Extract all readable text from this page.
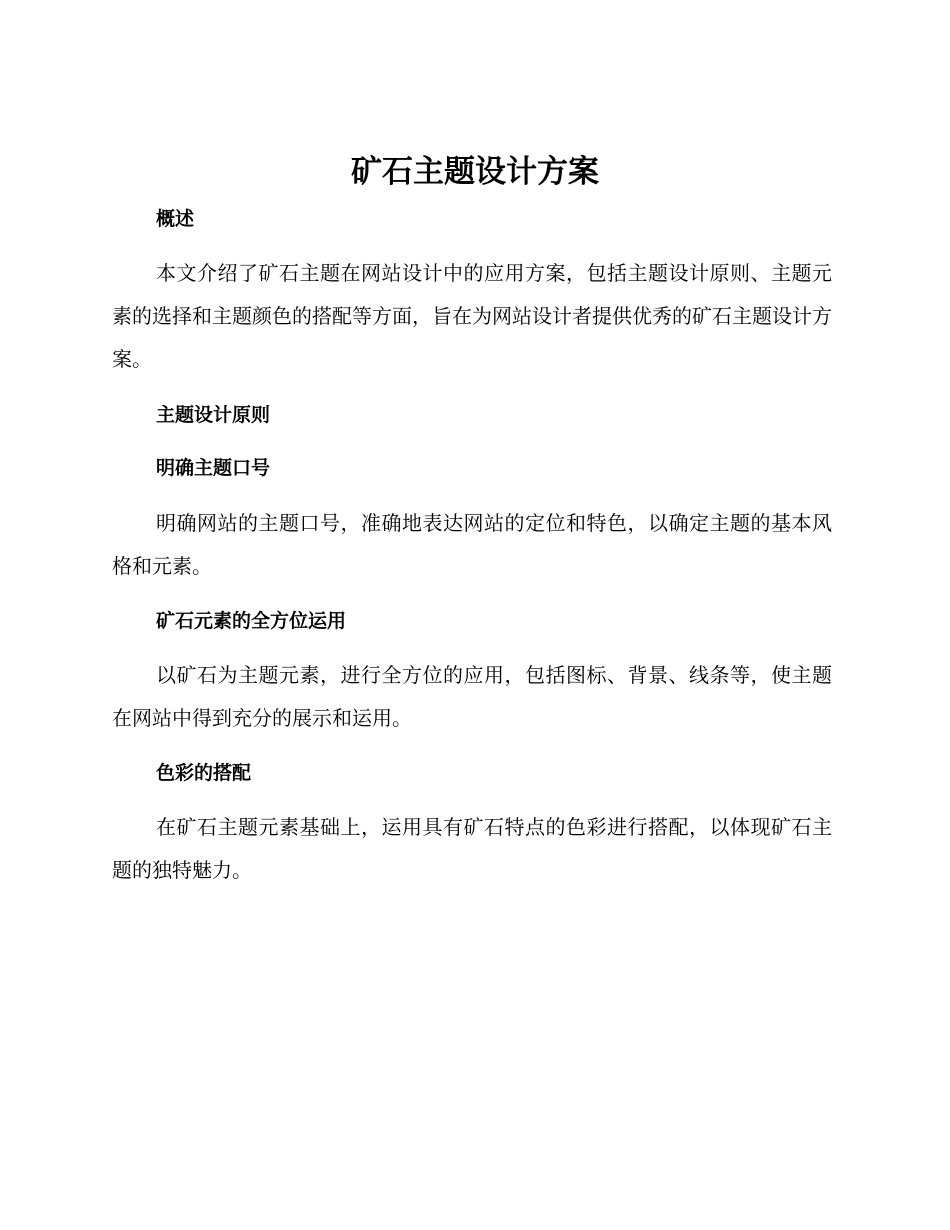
矿石主题设计方案
概述

本文介绍了矿石主题在网站设计中的应用方案，包括主题设计原则、主题元素的选择和主题颜色的搭配等方面，旨在为网站设计者提供优秀的矿石主题设计方案。

主题设计原则
明确主题口号

明确网站的主题口号，准确地表达网站的定位和特色，以确定主题的基本风格和元素。

矿石元素的全方位运用

以矿石为主题元素，进行全方位的应用，包括图标、背景、线条等，使主题在网站中得到充分的展示和运用。

色彩的搭配

在矿石主题元素基础上，运用具有矿石特点的色彩进行搭配，以体现矿石主题的独特魅力。
